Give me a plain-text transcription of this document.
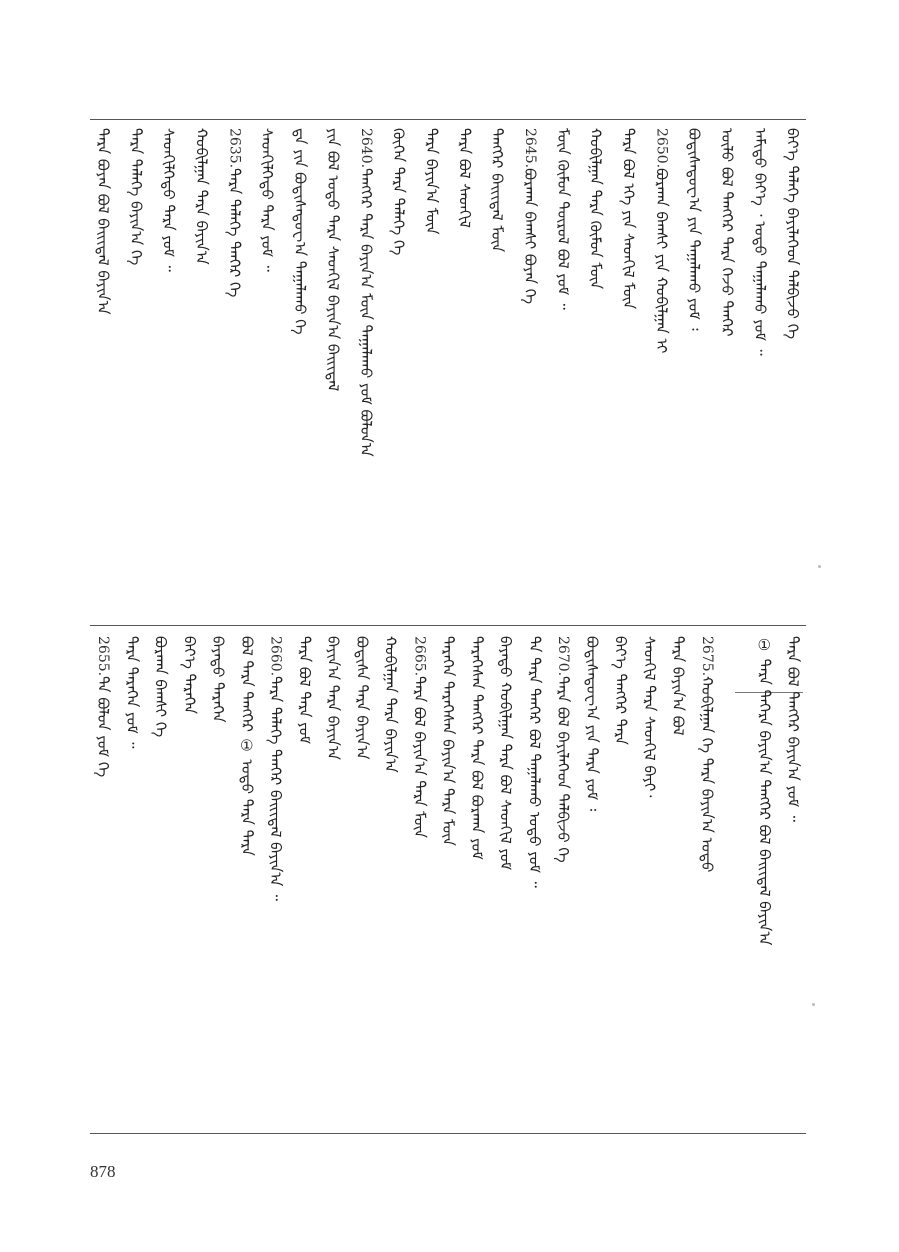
ᠪᠡᠶ᠎ᠡ ᠲᠡᠯᠡᠭᠡ ᠪᠡᠶᠢᠯᠡᠭᠡᠳ ᠲᠠᠯᠪᠢᠵᠤ ᠬᠡ
ᠠᠮᠢᠳᠤ ᠪᠡᠶ᠎ᠡ ᠌᠂ ᠣᠳᠤ ᠲᠠᠭᠠᠯᠠᠬᠤ ᠶᠤᠮ ᠃
ᠦᠯᠦ ᠪᠣᠯ ᠲᠡᠩᠭᠡᠷ ᠲᠡᠷᠡ ᠭᠡᠵᠦ ᠲᠡᠨᠭᠡᠷ
ᠪᠣᠳᠢᠰᠠᠳᠣᠸ᠎ᠠ ᠶᠢᠨ ᠲᠠᠭᠠᠯᠠᠬᠤ ᠶᠤᠮ ᠄
2650.ᠪᠤᠷᠬᠠᠨ ᠪᠠᠭᠰᠢ ᠶᠢᠨ ᠬᠤᠪᠢᠯᠭᠠᠨ ᠢ
ᠲᠡᠷᠡ ᠪᠣᠯ ᠡᠬᠡ ᠶᠢᠨ ᠰᠡᠳᠬᠢᠯ ᠮᠥᠨ
ᠬᠤᠪᠢᠯᠭᠠᠨ ᠲᠡᠷᠡ ᠬᠦᠮᠦᠨ ᠮᠥᠨ
ᠮᠥᠨ ᠬᠦᠮᠦᠨ ᠲᠥᠷᠥᠯ ᠪᠣᠯ ᠶᠤᠮ ᠃
2645.ᠪᠤᠷᠬᠠᠨ ᠪᠠᠭᠰᠢ ᠪᠤᠶᠠᠨ ᠬᠡ
ᠲᠡᠩᠭᠡᠷ ᠪᠠᠢᠢᠳᠠᠯ ᠮᠥᠨ
ᠲᠡᠷᠡ ᠪᠣᠯ ᠰᠡᠳᠬᠢᠯ
ᠲᠡᠷᠡ ᠪᠠᠶᠢᠨ᠎ᠠ ᠮᠥᠨ
ᠬᠥᠭᠡᠨ ᠲᠡᠷᠡ ᠲᠡᠯᠡᠭᠡ ᠬᠡ
2640.ᠲᠡᠩᠭᠡᠷ ᠲᠡᠷᠡ ᠪᠠᠶᠢᠨ᠎ᠠ ᠮᠥᠨ ᠲᠠᠭᠠᠯᠠᠬᠤ ᠶᠤᠮ ᠪᠣᠯᠤᠨ᠎ᠠ
ᠶᠢᠨ ᠪᠣᠯ ᠣᠳᠤ ᠲᠡᠷᠡ ᠰᠡᠳᠬᠢᠯ ᠪᠠᠶᠢᠨ᠎ᠠ ᠪᠠᠢᠢᠳᠠᠯ
ᠳᠠ ᠶᠢᠨ ᠪᠣᠳᠢᠰᠠᠳᠣᠸ᠎ᠠ ᠲᠠᠭᠠᠯᠠᠬᠤ ᠬᠡ
ᠰᠡᠳᠬᠢᠯᠭᠡᠲᠦ ᠲᠡᠷᠡ ᠶᠤᠮ ᠃
2635.ᠲᠡᠷᠡ ᠲᠡᠯᠡᠭᠡ ᠲᠡᠨᠭᠡᠷ ᠬᠡ
ᠬᠤᠪᠢᠯᠭᠠᠨ ᠲᠡᠷᠡ ᠪᠠᠶᠢᠨ᠎ᠠ
ᠰᠡᠳᠬᠢᠯᠭᠡᠲᠦ ᠲᠡᠷᠡ ᠶᠤᠮ ᠃
ᠲᠡᠷᠡ ᠲᠡᠯᠡᠭᠡ ᠪᠠᠶᠢᠨ᠎ᠠ ᠬᠡ
ᠲᠡᠷᠡ ᠪᠤᠶᠠᠨ ᠪᠣᠯ ᠪᠠᠢᠢᠳᠠᠯ ᠪᠠᠶᠢᠨ᠎ᠠ
ᠲᠡᠷᠡ ᠪᠣᠯ ᠲᠡᠩᠭᠡᠷ ᠪᠠᠶᠢᠨ᠎ᠠ ᠶᠤᠮ ᠃
① ᠲᠡᠷᠡ ᠲᠡᠭᠡᠷᠡ ᠪᠠᠶᠢᠨ᠎ᠠ ᠲᠡᠩᠭᠡᠷ ᠪᠣᠯ ᠪᠠᠢᠢᠳᠠᠯ ᠪᠠᠶᠢᠨ᠎ᠠ
2675.ᠬᠤᠪᠢᠯᠭᠠᠨ ᠬᠡ ᠲᠡᠷᠡ ᠪᠠᠶᠢᠨ᠎ᠠ ᠣᠳᠤ
ᠲᠡᠷᠡ ᠪᠠᠶᠢᠨ᠎ᠠ ᠪᠣᠯ
ᠰᠡᠳᠬᠢᠯ ᠲᠡᠷᠡ ᠰᠡᠳᠬᠢᠯ ᠪᠠᠶᠢ᠂
ᠪᠡᠶ᠎ᠡ ᠲᠡᠩᠭᠡᠷ ᠲᠡᠷᠡ
ᠪᠣᠳᠢᠰᠠᠳᠣᠸ᠎ᠠ ᠶᠢᠨ ᠲᠡᠷᠡ ᠶᠤᠮ ᠄
2670.ᠲᠡᠷᠡ ᠪᠣᠯ ᠪᠡᠶᠢᠯᠡᠭᠡᠳ ᠲᠠᠯᠪᠢᠵᠤ ᠬᠡ
ᠲᠡ ᠲᠡᠷᠡ ᠲᠡᠨᠭᠡᠷ ᠪᠣᠯ ᠲᠠᠭᠠᠯᠠᠬᠤ ᠣᠳᠤ ᠶᠤᠮ ᠃
ᠪᠡᠶᠡᠲᠦ ᠬᠤᠪᠢᠯᠭᠠᠨ ᠲᠡᠷᠡ ᠪᠣᠯ ᠰᠡᠳᠬᠢᠯ ᠶᠤᠮ
ᠲᠡᠷᠡᠭᠡᠰᠡᠨ ᠲᠡᠩᠭᠡᠷ ᠲᠡᠷᠡ ᠪᠣᠯ ᠪᠤᠷᠬᠠᠨ ᠶᠤᠮ
ᠲᠡᠷᠡᠭᠡᠨ ᠲᠡᠷᠡᠭᠡᠰᠡᠨ ᠪᠠᠶᠢᠨ᠎ᠠ ᠲᠡᠷᠡ ᠮᠥᠨ
2665.ᠲᠡᠷᠡ ᠪᠣᠯ ᠪᠠᠶᠢᠨ᠎ᠠ ᠲᠡᠷᠡ ᠮᠥᠨ
ᠬᠤᠪᠢᠯᠭᠠᠨ ᠲᠡᠷᠡ ᠪᠠᠶᠢᠨ᠎ᠠ
ᠪᠣᠳᠢᠰᠠ ᠲᠡᠷᠡ ᠪᠠᠶᠢᠨ᠎ᠠ
ᠪᠠᠶᠢᠨ᠎ᠠ ᠲᠡᠷᠡ ᠪᠠᠶᠢᠨ᠎ᠠ
ᠲᠡᠷᠡ ᠪᠣᠯ ᠲᠡᠷᠡ ᠶᠤᠮ
2660.ᠲᠡᠷᠡ ᠲᠡᠯᠡᠭᠡ ᠲᠡᠨᠭᠡᠷ ᠪᠠᠢᠢᠳᠠᠯ ᠪᠠᠶᠢᠨ᠎ᠠ ᠃
ᠪᠣᠯ ᠲᠡᠷᠡ ᠲᠡᠩᠭᠡᠷ ① ᠣᠳᠤ ᠲᠡᠷᠡ ᠲᠡᠷᠡ
ᠪᠡᠶᠡᠲᠦ ᠲᠡᠷᠡᠭᠡᠨ
ᠪᠡᠶ᠎ᠡ ᠲᠡᠷᠡᠭᠡᠨ
ᠪᠤᠷᠬᠠᠨ ᠪᠠᠭᠰᠢ ᠬᠡ
ᠲᠡᠷᠡ ᠲᠡᠷᠡᠭᠡᠨ ᠶᠤᠮ ᠃
2655.ᠲᠡ ᠪᠣᠯᠣᠨ ᠶᠤᠮ ᠬᠡ
878
